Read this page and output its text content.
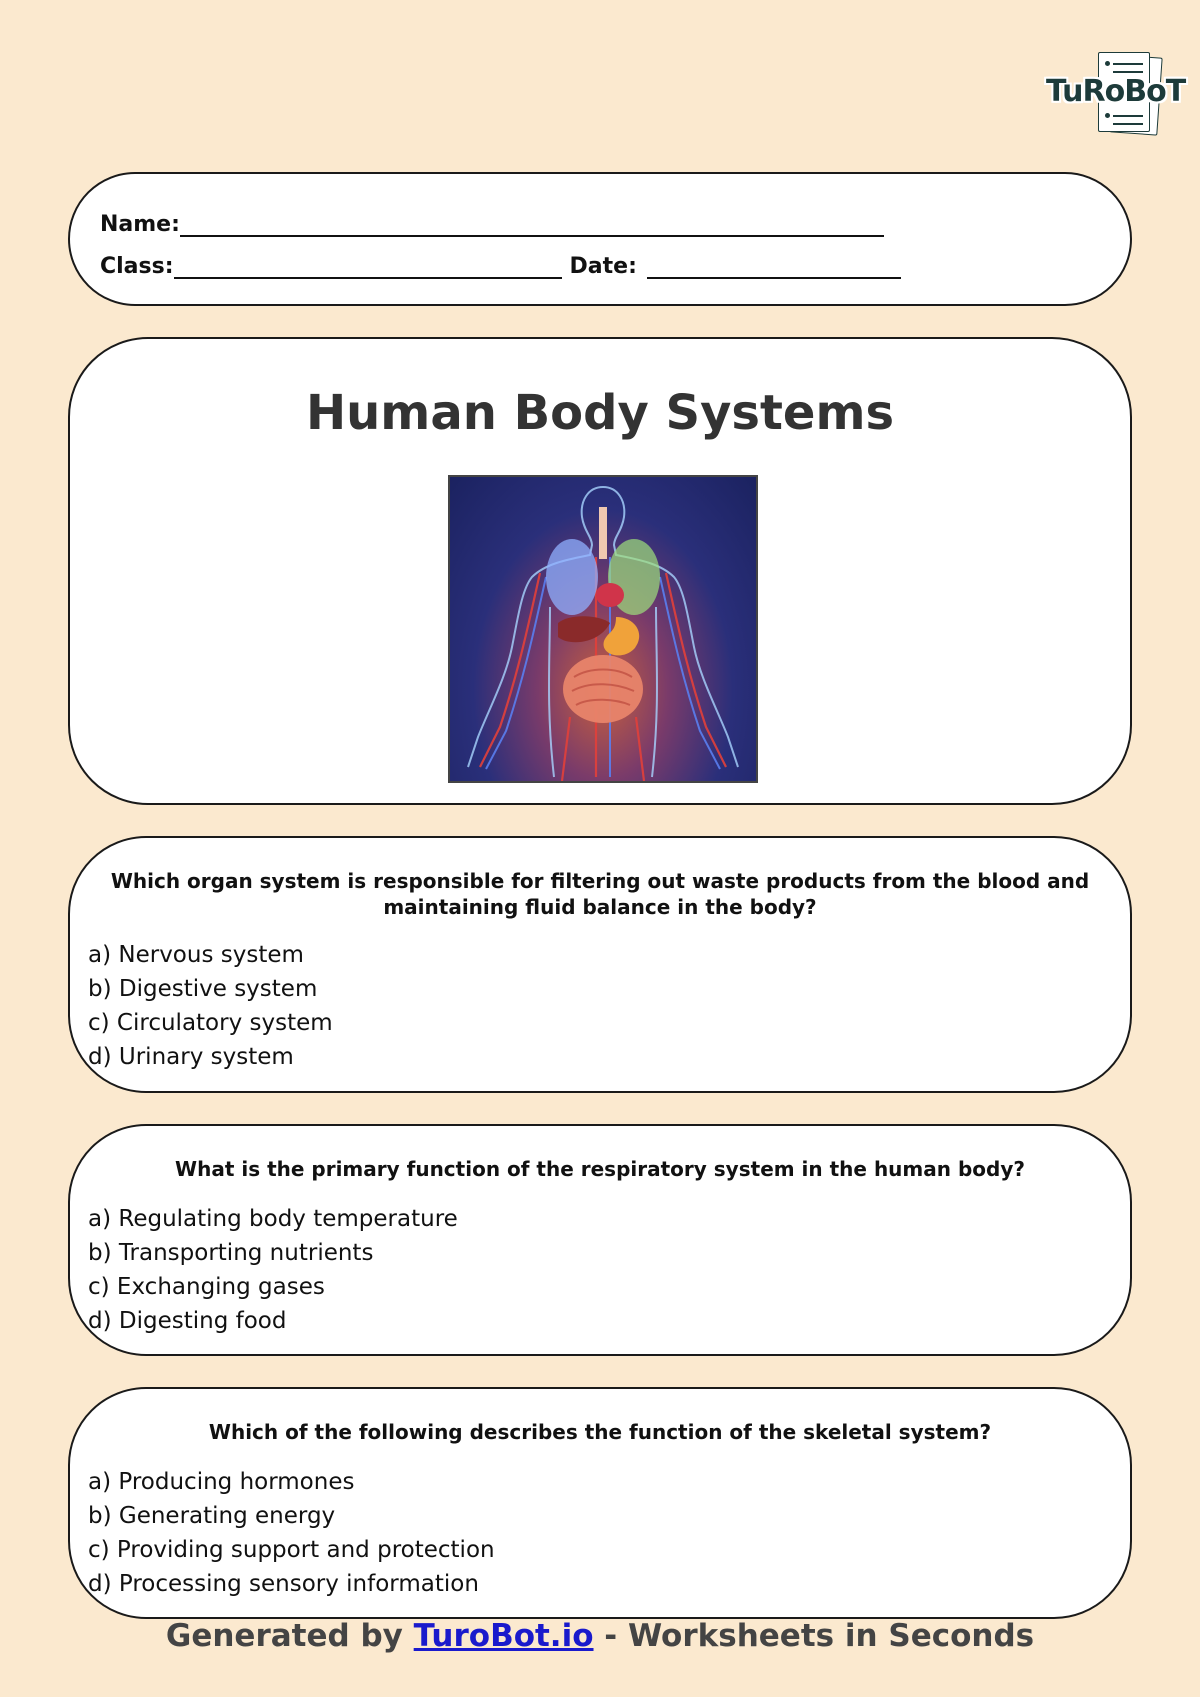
TuRoBoT
Name:
Class:	Date:
Human Body Systems
Which organ system is responsible for filtering out waste products from the blood and maintaining fluid balance in the body?
a) Nervous system
b) Digestive system
c) Circulatory system
d) Urinary system
What is the primary function of the respiratory system in the human body?
a) Regulating body temperature
b) Transporting nutrients
c) Exchanging gases
d) Digesting food
Which of the following describes the function of the skeletal system?
a) Producing hormones
b) Generating energy
c) Providing support and protection
d) Processing sensory information
Generated by TuroBot.io - Worksheets in Seconds
